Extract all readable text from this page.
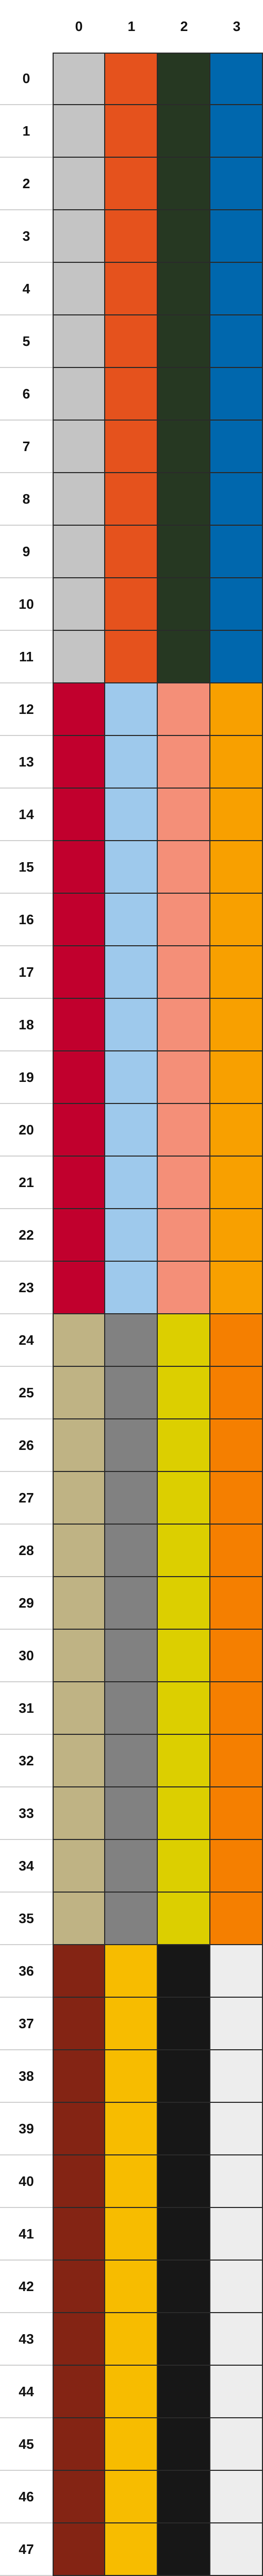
0	1	2	3
0
1
2
3
4
5
6
7
8
9
10
11
12
13
14
15
16
17
18
19
20
21
22
23
24
25
26
27
28
29
30
31
32
33
34
35
36
37
38
39
40
41
42
43
44
45
46
47
